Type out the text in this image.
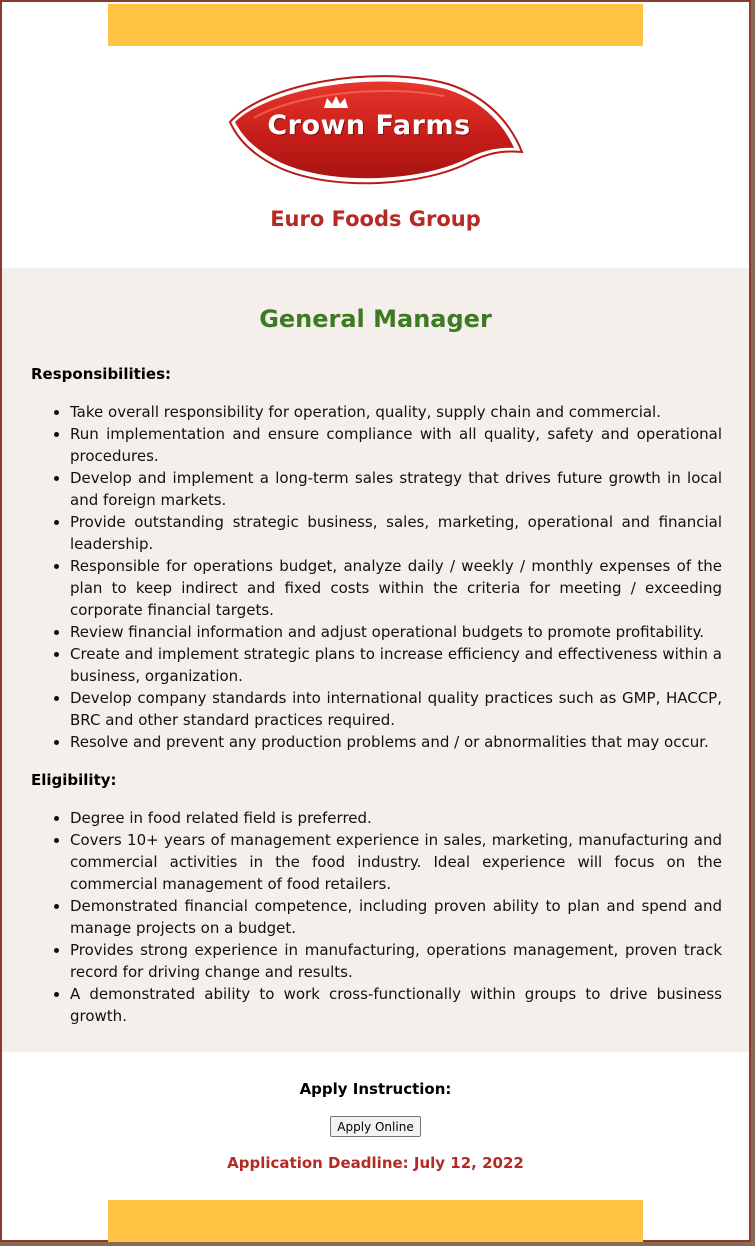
Crown Farms
Euro Foods Group
General Manager
Responsibilities:
• Take overall responsibility for operation, quality, supply chain and commercial.
• Run implementation and ensure compliance with all quality, safety and operational procedures.
• Develop and implement a long-term sales strategy that drives future growth in local and foreign markets.
• Provide outstanding strategic business, sales, marketing, operational and financial leadership.
• Responsible for operations budget, analyze daily / weekly / monthly expenses of the plan to keep indirect and fixed costs within the criteria for meeting / exceeding corporate financial targets.
• Review financial information and adjust operational budgets to promote profitability.
• Create and implement strategic plans to increase efficiency and effectiveness within a business, organization.
• Develop company standards into international quality practices such as GMP, HACCP, BRC and other standard practices required.
• Resolve and prevent any production problems and / or abnormalities that may occur.
Eligibility:
• Degree in food related field is preferred.
• Covers 10+ years of management experience in sales, marketing, manufacturing and commercial activities in the food industry. Ideal experience will focus on the commercial management of food retailers.
• Demonstrated financial competence, including proven ability to plan and spend and manage projects on a budget.
• Provides strong experience in manufacturing, operations management, proven track record for driving change and results.
• A demonstrated ability to work cross-functionally within groups to drive business growth.
Apply Instruction:
Apply Online
Application Deadline: July 12, 2022
